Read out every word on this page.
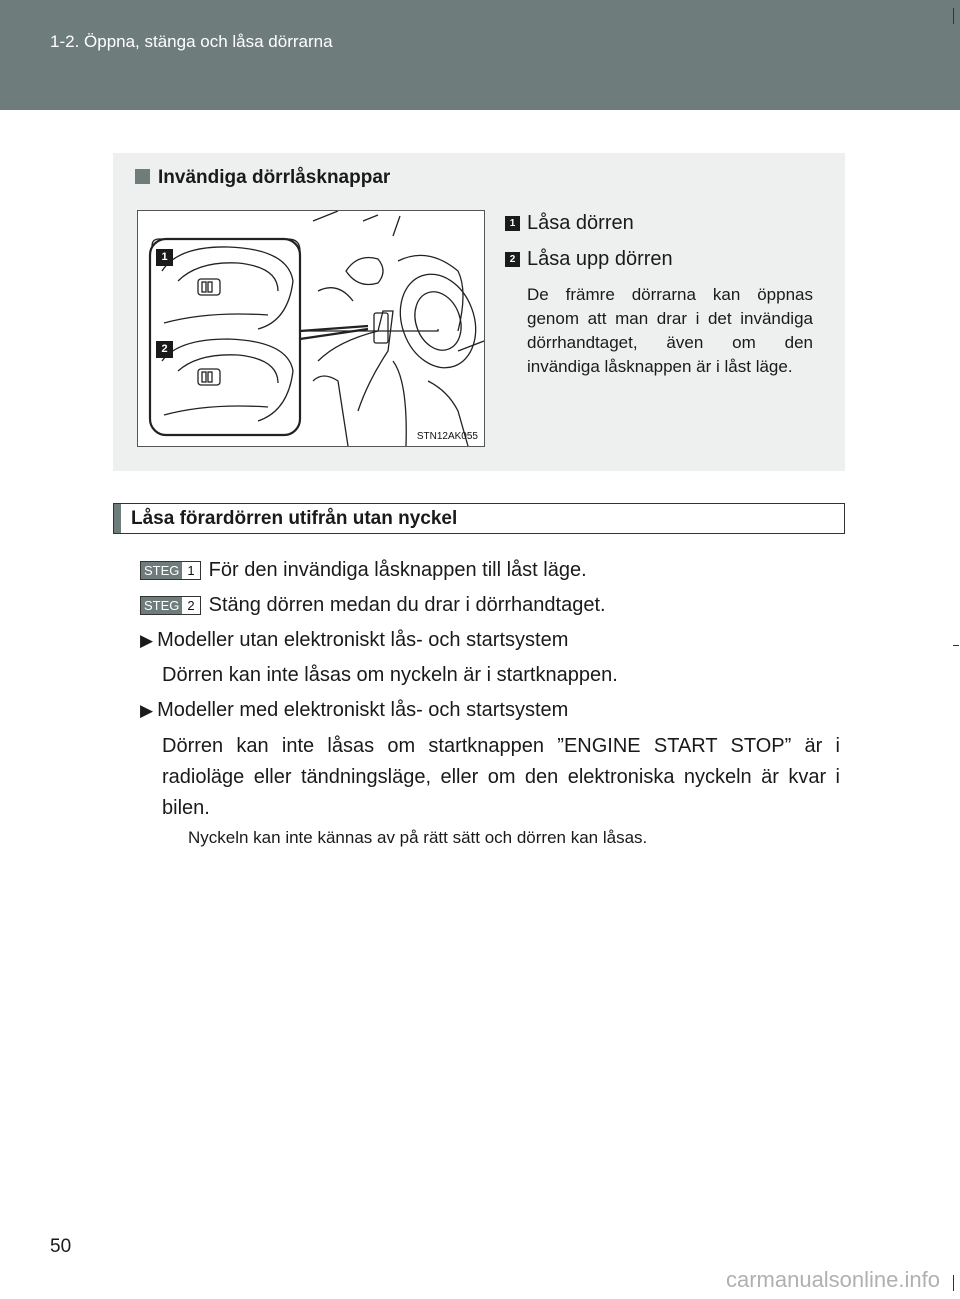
1-2. Öppna, stänga och låsa dörrarna
Invändiga dörrlåsknappar
1
2
STN12AK055
1 Låsa dörren
2 Låsa upp dörren
De främre dörrarna kan öppnas genom att man drar i det invändiga dörrhandtaget, även om den invändiga låsknappen är i låst läge.
Låsa förardörren utifrån utan nyckel
STEG 1 För den invändiga låsknappen till låst läge.
STEG 2 Stäng dörren medan du drar i dörrhandtaget.
▶ Modeller utan elektroniskt lås- och startsystem
Dörren kan inte låsas om nyckeln är i startknappen.
▶ Modeller med elektroniskt lås- och startsystem
Dörren kan inte låsas om startknappen ”ENGINE START STOP” är i radioläge eller tändningsläge, eller om den elektroniska nyckeln är kvar i bilen.
Nyckeln kan inte kännas av på rätt sätt och dörren kan låsas.
50
carmanualsonline.info
